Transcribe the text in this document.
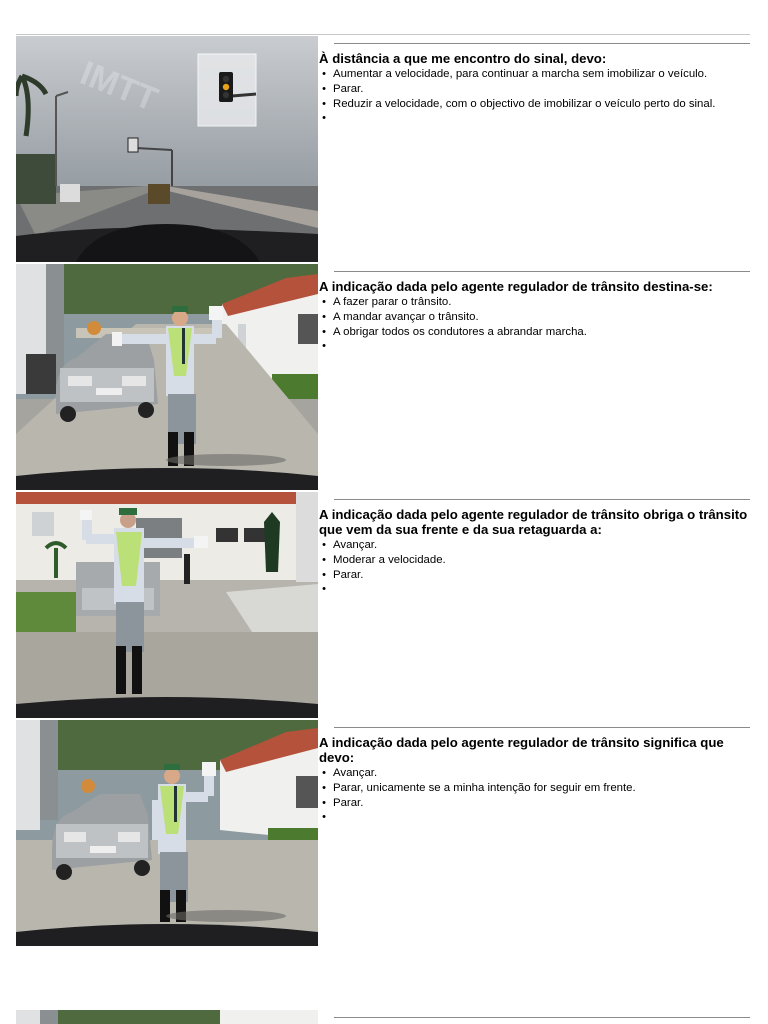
IMTT	À distância a que me encontro do sinal, devo:
• Aumentar a velocidade, para continuar a marcha sem imobilizar o veículo.
• Parar.
• Reduzir a velocidade, com o objectivo de imobilizar o veículo perto do sinal.
•
A indicação dada pelo agente regulador de trânsito destina-se:
• A fazer parar o trânsito.
• A mandar avançar o trânsito.
• A obrigar todos os condutores a abrandar marcha.
•
A indicação dada pelo agente regulador de trânsito obriga o trânsito que vem da sua frente e da sua retaguarda a:
• Avançar.
• Moderar a velocidade.
• Parar.
•
A indicação dada pelo agente regulador de trânsito significa que devo:
• Avançar.
• Parar, unicamente se a minha intenção for seguir em frente.
• Parar.
•
